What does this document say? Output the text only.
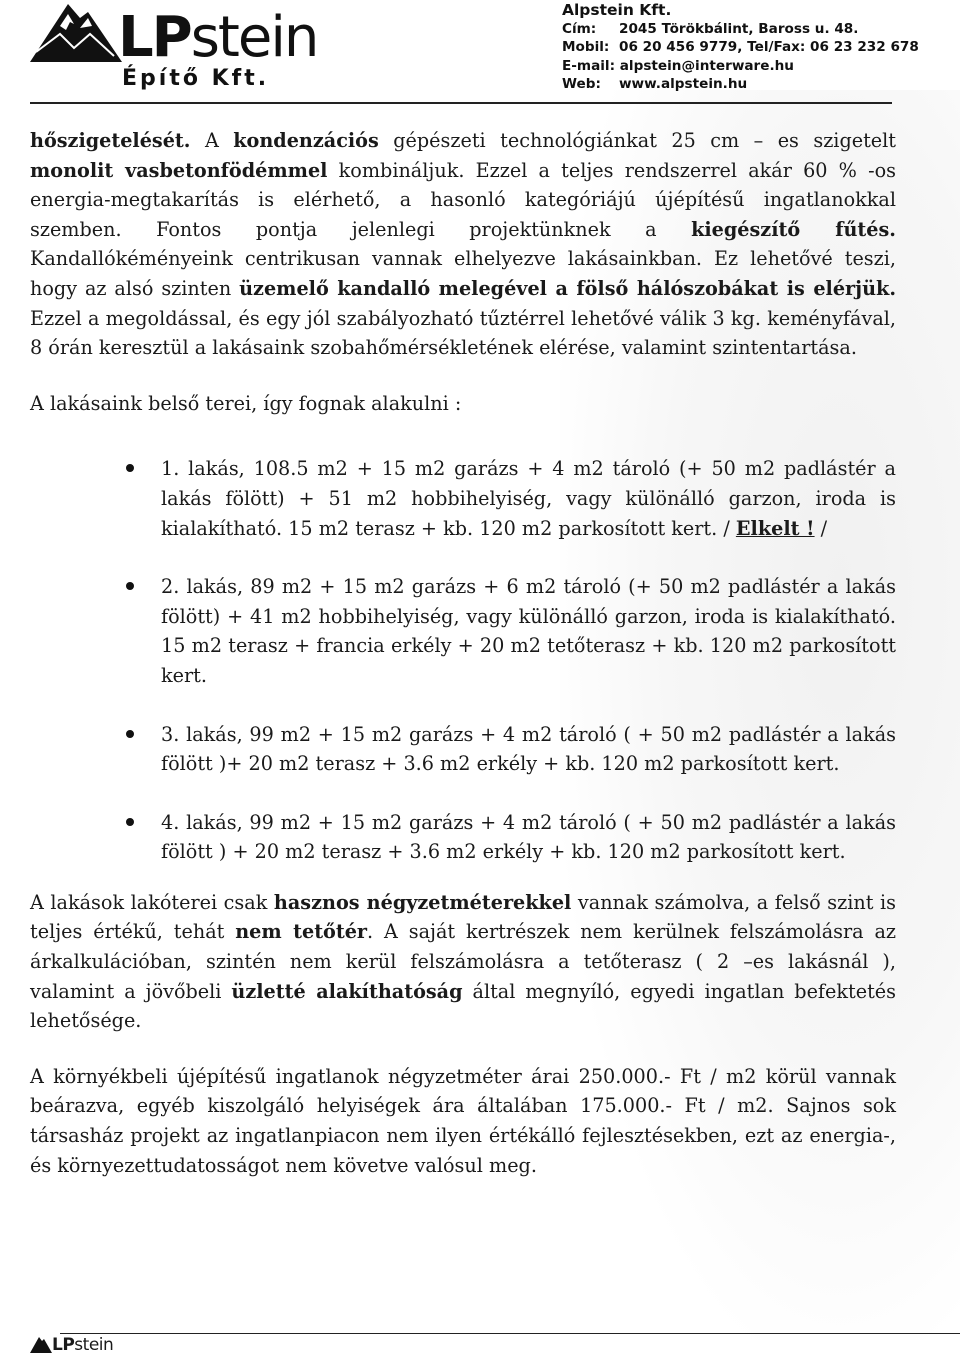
LPstein
Építő Kft.
Alpstein Kft.
Cím: 2045 Törökbálint, Baross u. 48.
Mobil: 06 20 456 9779, Tel/Fax: 06 23 232 678
E-mail: alpstein@interware.hu
Web: www.alpstein.hu

hőszigetelését. A kondenzációs gépészeti technológiánkat 25 cm – es szigetelt monolit vasbetonfödémmel kombináljuk. Ezzel a teljes rendszerrel akár 60 % -os energia-megtakarítás is elérhető, a hasonló kategóriájú újépítésű ingatlanokkal szemben. Fontos pontja jelenlegi projektünknek a kiegészítő fűtés. Kandallókéményeink centrikusan vannak elhelyezve lakásainkban. Ez lehetővé teszi, hogy az alsó szinten üzemelő kandalló melegével a fölső hálószobákat is elérjük. Ezzel a megoldással, és egy jól szabályozható tűztérrel lehetővé válik 3 kg. keményfával, 8 órán keresztül a lakásaink szobahőmérsékletének elérése, valamint szintentartása.

A lakásaink belső terei, így fognak alakulni :

1. lakás, 108.5 m2 + 15 m2 garázs + 4 m2 tároló (+ 50 m2 padlástér a lakás fölött) + 51 m2 hobbihelyiség, vagy különálló garzon, iroda is kialakítható. 15 m2 terasz + kb. 120 m2 parkosított kert. / Elkelt ! /
2. lakás, 89 m2 + 15 m2 garázs + 6 m2 tároló (+ 50 m2 padlástér a lakás fölött) + 41 m2 hobbihelyiség, vagy különálló garzon, iroda is kialakítható. 15 m2 terasz + francia erkély + 20 m2 tetőterasz + kb. 120 m2 parkosított kert.
3. lakás, 99 m2 + 15 m2 garázs + 4 m2 tároló ( + 50 m2 padlástér a lakás fölött )+ 20 m2 terasz + 3.6 m2 erkély + kb. 120 m2 parkosított kert.
4. lakás, 99 m2 + 15 m2 garázs + 4 m2 tároló ( + 50 m2 padlástér a lakás fölött ) + 20 m2 terasz + 3.6 m2 erkély + kb. 120 m2 parkosított kert.

A lakások lakóterei csak hasznos négyzetméterekkel vannak számolva, a felső szint is teljes értékű, tehát nem tetőtér. A saját kertrészek nem kerülnek felszámolásra az árkalkulációban, szintén nem kerül felszámolásra a tetőterasz ( 2 –es lakásnál ), valamint a jövőbeli üzletté alakíthatóság által megnyíló, egyedi ingatlan befektetés lehetősége.

A környékbeli újépítésű ingatlanok négyzetméter árai 250.000.- Ft / m2 körül vannak beárazva, egyéb kiszolgáló helyiségek ára általában 175.000.- Ft / m2. Sajnos sok társasház projekt az ingatlanpiacon nem ilyen értékálló fejlesztésekben, ezt az energia-, és környezettudatosságot nem követve valósul meg.

LPstein
